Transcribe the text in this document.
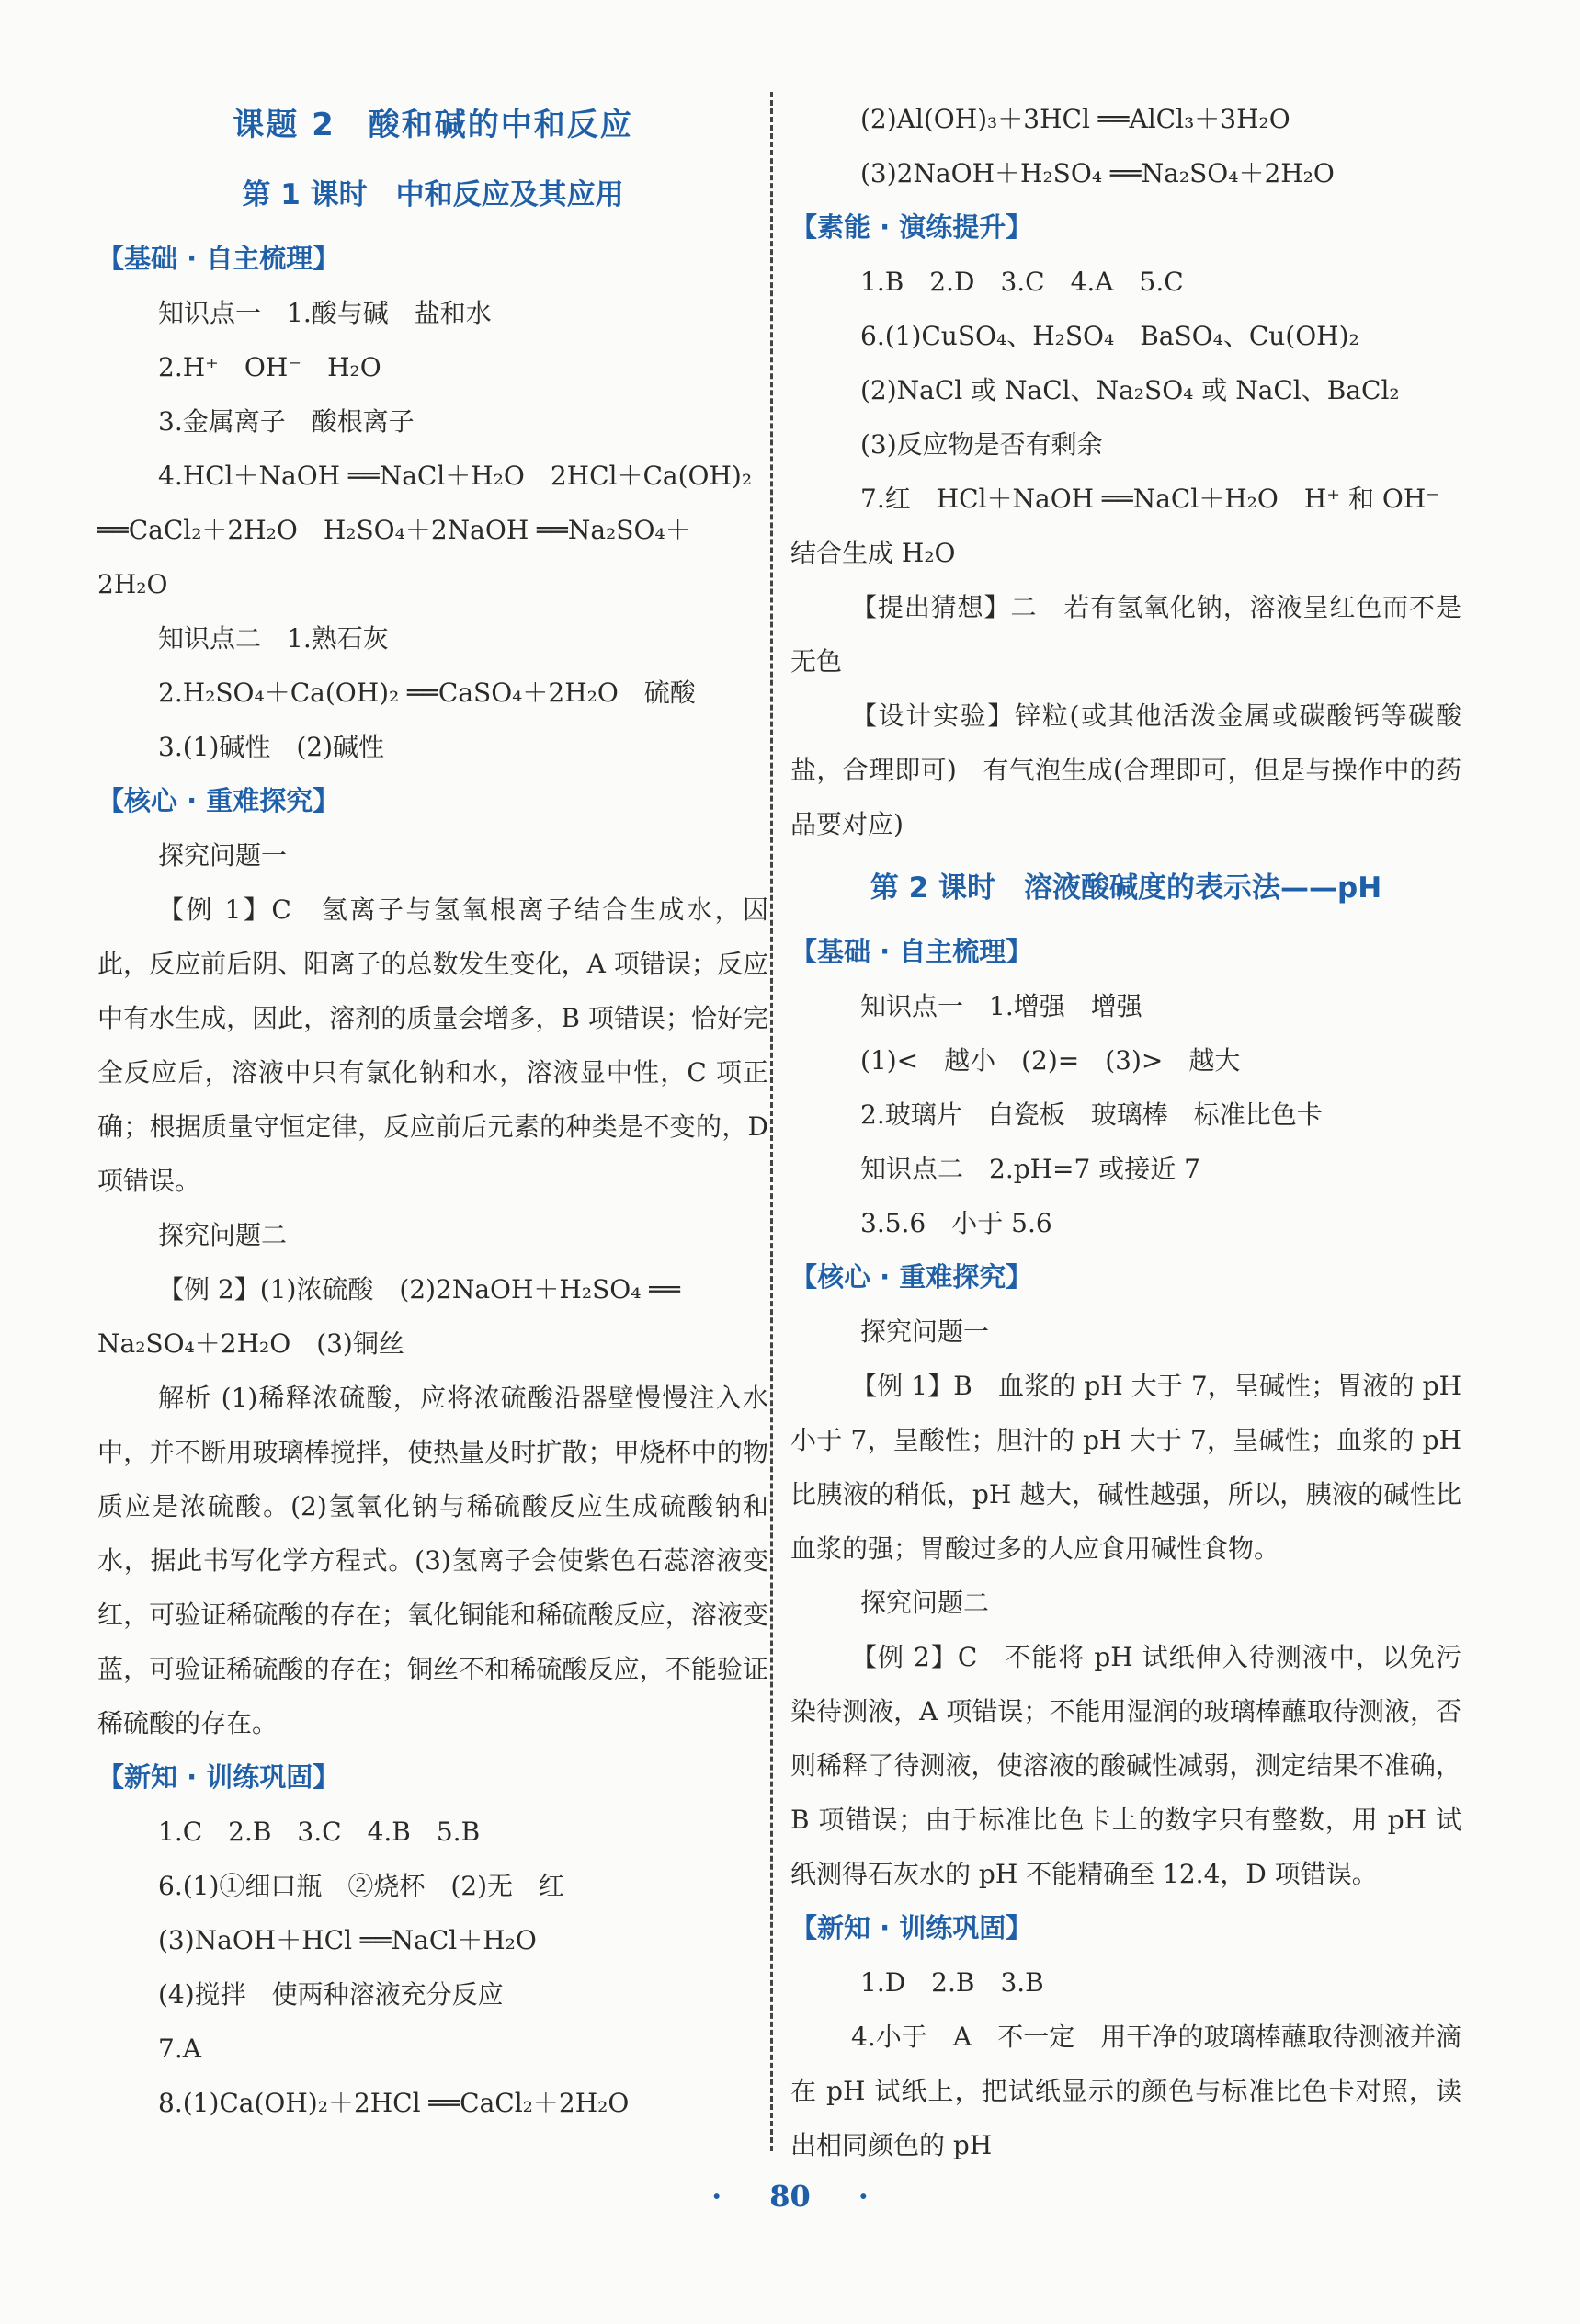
课题 2　酸和碱的中和反应
第 1 课时　中和反应及其应用
【基础 · 自主梳理】
知识点一　1.酸与碱　盐和水
2.H⁺　OH⁻　H₂O
3.金属离子　酸根离子
4.HCl＋NaOH ══NaCl＋H₂O　2HCl＋Ca(OH)₂
══CaCl₂＋2H₂O　H₂SO₄＋2NaOH ══Na₂SO₄＋
2H₂O
知识点二　1.熟石灰
2.H₂SO₄＋Ca(OH)₂ ══CaSO₄＋2H₂O　硫酸
3.(1)碱性　(2)碱性
【核心 · 重难探究】
探究问题一
【例 1】C　氢离子与氢氧根离子结合生成水，因此，反应前后阴、阳离子的总数发生变化，A 项错误；反应中有水生成，因此，溶剂的质量会增多，B 项错误；恰好完全反应后，溶液中只有氯化钠和水，溶液显中性，C 项正确；根据质量守恒定律，反应前后元素的种类是不变的，D 项错误。
探究问题二
【例 2】(1)浓硫酸　(2)2NaOH＋H₂SO₄ ══
Na₂SO₄＋2H₂O　(3)铜丝
解析 (1)稀释浓硫酸，应将浓硫酸沿器壁慢慢注入水中，并不断用玻璃棒搅拌，使热量及时扩散；甲烧杯中的物质应是浓硫酸。(2)氢氧化钠与稀硫酸反应生成硫酸钠和水，据此书写化学方程式。(3)氢离子会使紫色石蕊溶液变红，可验证稀硫酸的存在；氧化铜能和稀硫酸反应，溶液变蓝，可验证稀硫酸的存在；铜丝不和稀硫酸反应，不能验证稀硫酸的存在。
【新知 · 训练巩固】
1.C　2.B　3.C　4.B　5.B
6.(1)①细口瓶　②烧杯　(2)无　红
(3)NaOH＋HCl ══NaCl＋H₂O
(4)搅拌　使两种溶液充分反应
7.A
8.(1)Ca(OH)₂＋2HCl ══CaCl₂＋2H₂O
(2)Al(OH)₃＋3HCl ══AlCl₃＋3H₂O
(3)2NaOH＋H₂SO₄ ══Na₂SO₄＋2H₂O
【素能 · 演练提升】
1.B　2.D　3.C　4.A　5.C
6.(1)CuSO₄、H₂SO₄　BaSO₄、Cu(OH)₂
(2)NaCl 或 NaCl、Na₂SO₄ 或 NaCl、BaCl₂
(3)反应物是否有剩余
7.红　HCl＋NaOH ══NaCl＋H₂O　H⁺ 和 OH⁻
结合生成 H₂O
【提出猜想】二　若有氢氧化钠，溶液呈红色而不是无色
【设计实验】锌粒(或其他活泼金属或碳酸钙等碳酸盐，合理即可)　有气泡生成(合理即可，但是与操作中的药品要对应)
第 2 课时　溶液酸碱度的表示法——pH
【基础 · 自主梳理】
知识点一　1.增强　增强
(1)<　越小　(2)=　(3)>　越大
2.玻璃片　白瓷板　玻璃棒　标准比色卡
知识点二　2.pH=7 或接近 7
3.5.6　小于 5.6
【核心 · 重难探究】
探究问题一
【例 1】B　血浆的 pH 大于 7，呈碱性；胃液的 pH 小于 7，呈酸性；胆汁的 pH 大于 7，呈碱性；血浆的 pH 比胰液的稍低，pH 越大，碱性越强，所以，胰液的碱性比血浆的强；胃酸过多的人应食用碱性食物。
探究问题二
【例 2】C　不能将 pH 试纸伸入待测液中，以免污染待测液，A 项错误；不能用湿润的玻璃棒蘸取待测液，否则稀释了待测液，使溶液的酸碱性减弱，测定结果不准确，B 项错误；由于标准比色卡上的数字只有整数，用 pH 试纸测得石灰水的 pH 不能精确至 12.4，D 项错误。
【新知 · 训练巩固】
1.D　2.B　3.B
4.小于　A　不一定　用干净的玻璃棒蘸取待测液并滴在 pH 试纸上，把试纸显示的颜色与标准比色卡对照，读出相同颜色的 pH
· 80 ·
